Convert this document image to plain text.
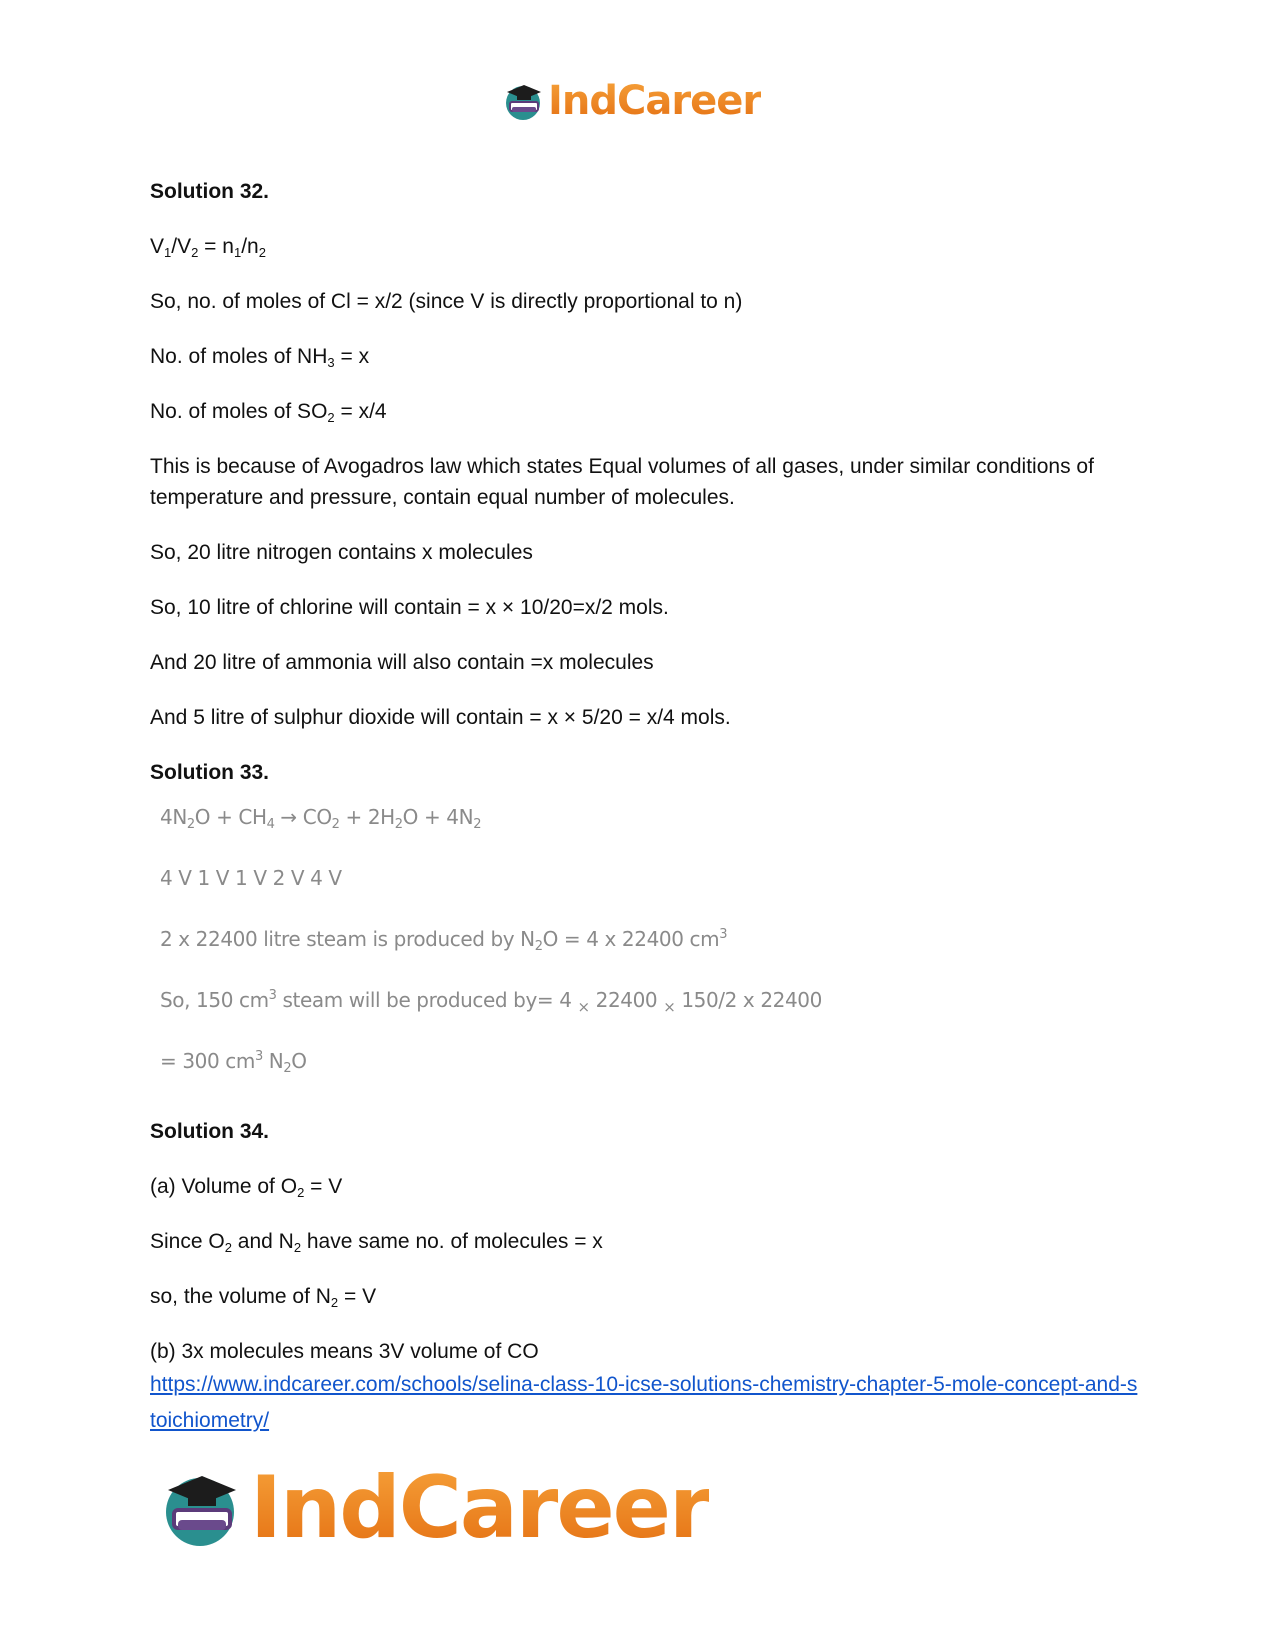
IndCareer

Solution 32.

$V_1/V_2 = n_1/n_2$

So, no. of moles of Cl = x/2 (since V is directly proportional to n)

No. of moles of $NH_3 = x$

No. of moles of $SO_2 = x/4$

This is because of Avogadros law which states Equal volumes of all gases, under similar conditions of temperature and pressure, contain equal number of molecules.

So, 20 litre nitrogen contains x molecules

So, 10 litre of chlorine will contain = x × 10/20=x/2 mols.

And 20 litre of ammonia will also contain =x molecules

And 5 litre of sulphur dioxide will contain = x × 5/20 = x/4 mols.

Solution 33.

$4N_2O + CH_4 \to CO_2 + 2H_2O + 4N_2$
4 V 1 V 1 V 2 V 4 V
2 x 22400 litre steam is produced by $N_2O = 4$ x 22400 $cm^3$
So, 150 $cm^3$ steam will be produced by= 4 $_\times$ 22400 $_\times$ 150/2 x 22400
= 300 $cm^3$ $N_2O$

Solution 34.

(a) Volume of $O_2 = V$

Since $O_2$ and $N_2$ have same no. of molecules = x

so, the volume of $N_2 = V$

(b) 3x molecules means 3V volume of CO

https://www.indcareer.com/schools/selina-class-10-icse-solutions-chemistry-chapter-5-mole-concept-and-stoichiometry/

IndCareer
